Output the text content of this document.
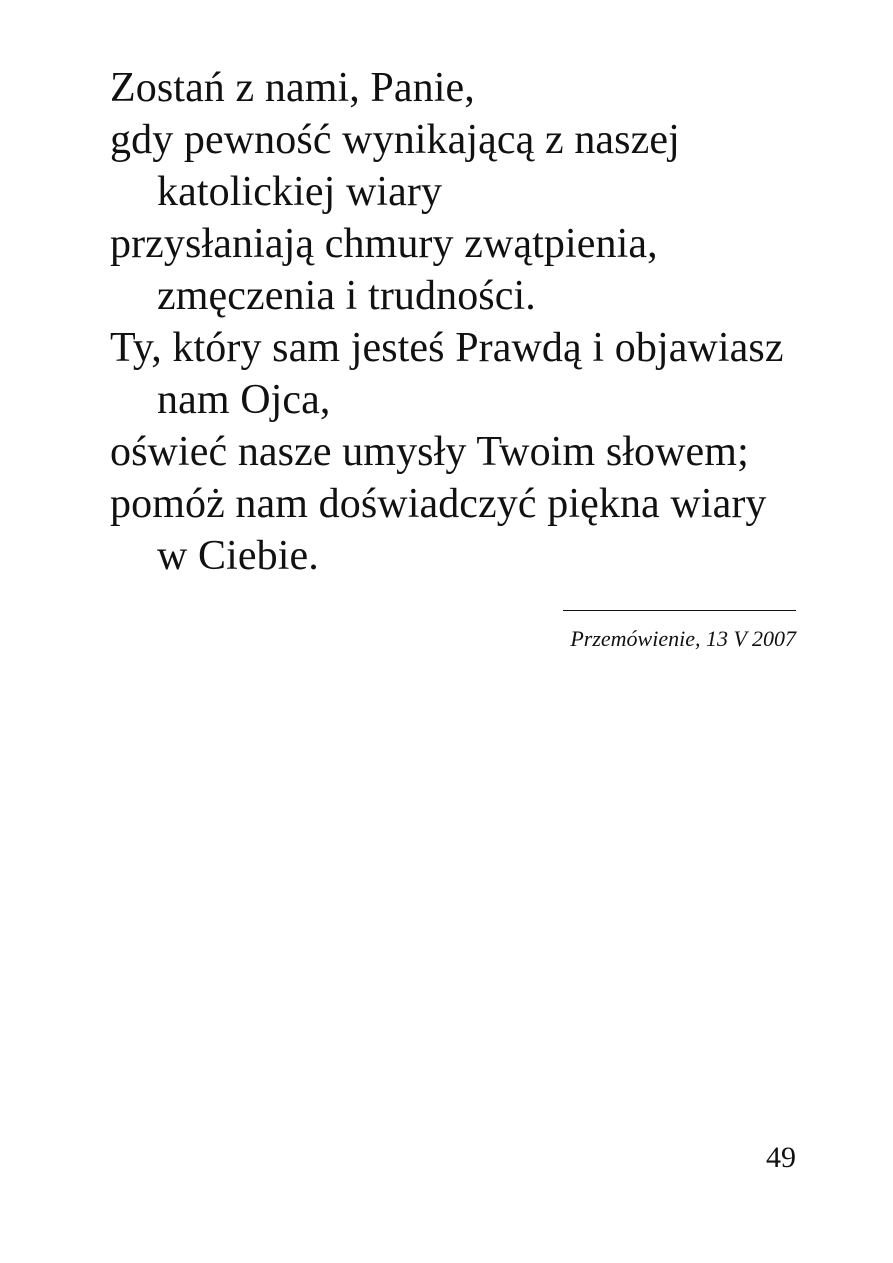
Zostań z nami, Panie,
gdy pewność wynikającą z naszej
katolickiej wiary
przysłaniają chmury zwątpienia,
zmęczenia i trudności.
Ty, który sam jesteś Prawdą i objawiasz
nam Ojca,
oświeć nasze umysły Twoim słowem;
pomóż nam doświadczyć piękna wiary
w Ciebie.
Przemówienie, 13 V 2007
49
